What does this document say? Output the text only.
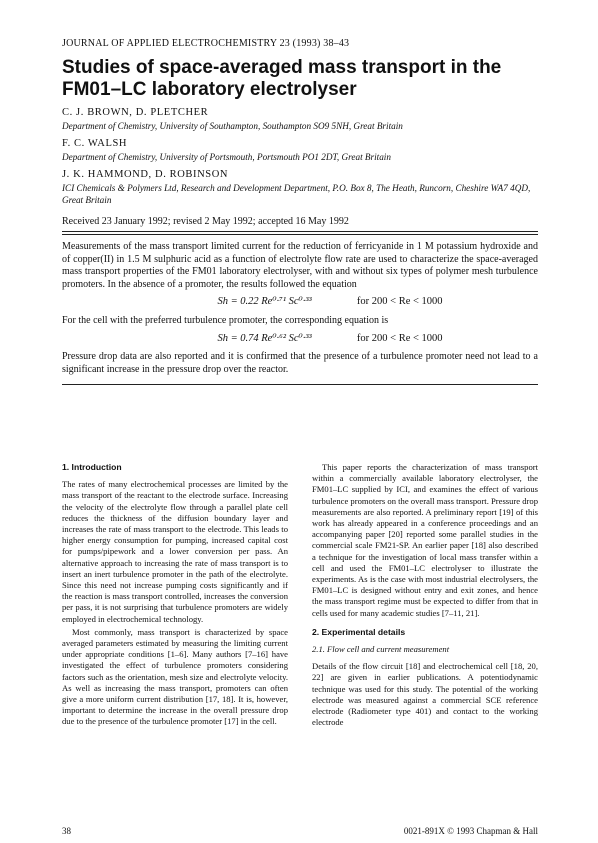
JOURNAL OF APPLIED ELECTROCHEMISTRY 23 (1993) 38–43
Studies of space-averaged mass transport in the
FM01–LC laboratory electrolyser
C. J. BROWN, D. PLETCHER
Department of Chemistry, University of Southampton, Southampton SO9 5NH, Great Britain
F. C. WALSH
Department of Chemistry, University of Portsmouth, Portsmouth PO1 2DT, Great Britain
J. K. HAMMOND, D. ROBINSON
ICI Chemicals & Polymers Ltd, Research and Development Department, P.O. Box 8, The Heath, Runcorn, Cheshire WA7 4QD, Great Britain
Received 23 January 1992; revised 2 May 1992; accepted 16 May 1992

Measurements of the mass transport limited current for the reduction of ferricyanide in 1 M potassium hydroxide and of copper(II) in 1.5 M sulphuric acid as a function of electrolyte flow rate are used to characterize the space-averaged mass transport properties of the FM01 laboratory electrolyser, with and without six types of polymer mesh turbulence promoters. In the absence of a promoter, the results followed the equation

Sh = 0.22 Re⁰·⁷¹ Sc⁰·³³	for 200 < Re < 1000

For the cell with the preferred turbulence promoter, the corresponding equation is

Sh = 0.74 Re⁰·⁶² Sc⁰·³³	for 200 < Re < 1000

Pressure drop data are also reported and it is confirmed that the presence of a turbulence promoter need not lead to a significant increase in the pressure drop over the reactor.

1. Introduction

The rates of many electrochemical processes are limited by the mass transport of the reactant to the electrode surface. Increasing the velocity of the electrolyte flow through a parallel plate cell reduces the thickness of the diffusion boundary layer and increases the rate of mass transport to the electrode. This leads to higher energy consumption for pumping, increased capital cost for pumps/pipework and a lower conversion per pass. An alternative approach to increasing the rate of mass transport is to insert an inert turbulence promoter in the path of the electrolyte. Since this need not increase pumping costs significantly and if the reaction is mass transport controlled, increases the conversion per pass, it is not surprising that turbulence promoters are widely employed in electrochemical technology.

Most commonly, mass transport is characterized by space averaged parameters estimated by measuring the limiting current under appropriate conditions [1–6]. Many authors [7–16] have investigated the effect of turbulence promoters considering factors such as the orientation, mesh size and electrolyte velocity. As well as increasing the mass transport, promoters can often give a more uniform current distribution [17, 18]. It is, however, important to determine the increase in the overall pressure drop due to the presence of the turbulence promoter [17] in the cell.

This paper reports the characterization of mass transport within a commercially available laboratory electrolyser, the FM01–LC supplied by ICI, and examines the effect of various turbulence promoters on the overall mass transport. Pressure drop measurements are also reported. A preliminary report [19] of this work has already appeared in a conference proceedings and an accompanying paper [20] reported some parallel studies in the commercial scale FM21-SP. An earlier paper [18] also described a technique for the investigation of local mass transfer within a cell and used the FM01–LC electrolyser to illustrate the experiments. As is the case with most industrial electrolysers, the FM01–LC is designed without entry and exit zones, and hence the mass transport regime must be expected to differ from that in cells used for many academic studies [7–11, 21].

2. Experimental details
2.1. Flow cell and current measurement

Details of the flow circuit [18] and electrochemical cell [18, 20, 22] are given in earlier publications. A potentiodynamic technique was used for this study. The potential of the working electrode was measured against a commercial SCE reference electrode (Radiometer type 401) and contact to the working electrode

38	0021-891X © 1993 Chapman & Hall
